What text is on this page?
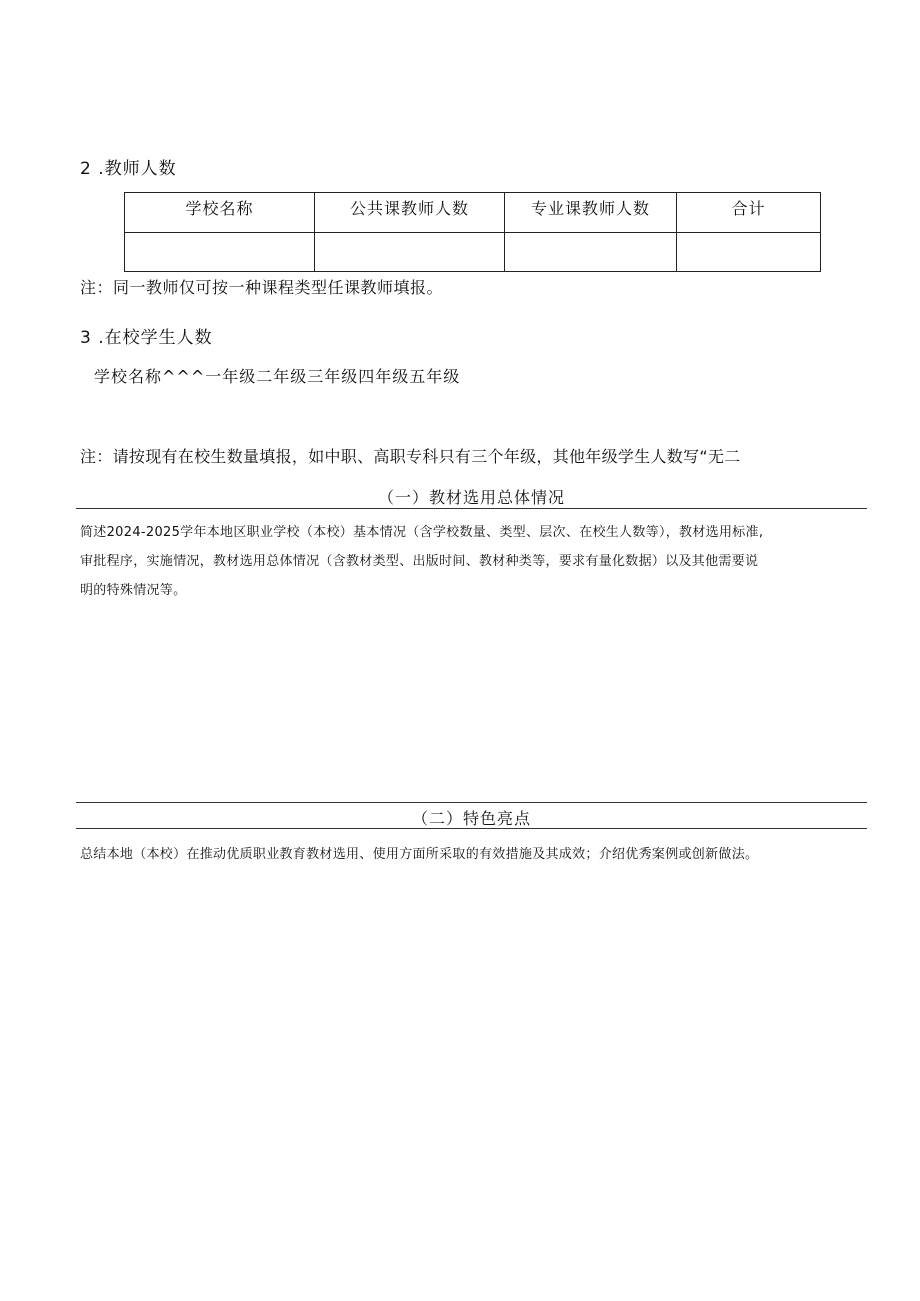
2 .教师人数
学校名称	公共课教师人数	专业课教师人数	合计

注：同一教师仅可按一种课程类型任课教师填报。
3 .在校学生人数
学校名称^^^一年级二年级三年级四年级五年级
注：请按现有在校生数量填报，如中职、高职专科只有三个年级，其他年级学生人数写“无二
（一）教材选用总体情况
简述2024-2025学年本地区职业学校（本校）基本情况（含学校数量、类型、层次、在校生人数等），教材选用标准,
审批程序，实施情况，教材选用总体情况（含教材类型、出版时间、教材种类等，要求有量化数据）以及其他需要说
明的特殊情况等。
（二）特色亮点
总结本地（本校）在推动优质职业教育教材选用、使用方面所采取的有效措施及其成效；介绍优秀案例或创新做法。
